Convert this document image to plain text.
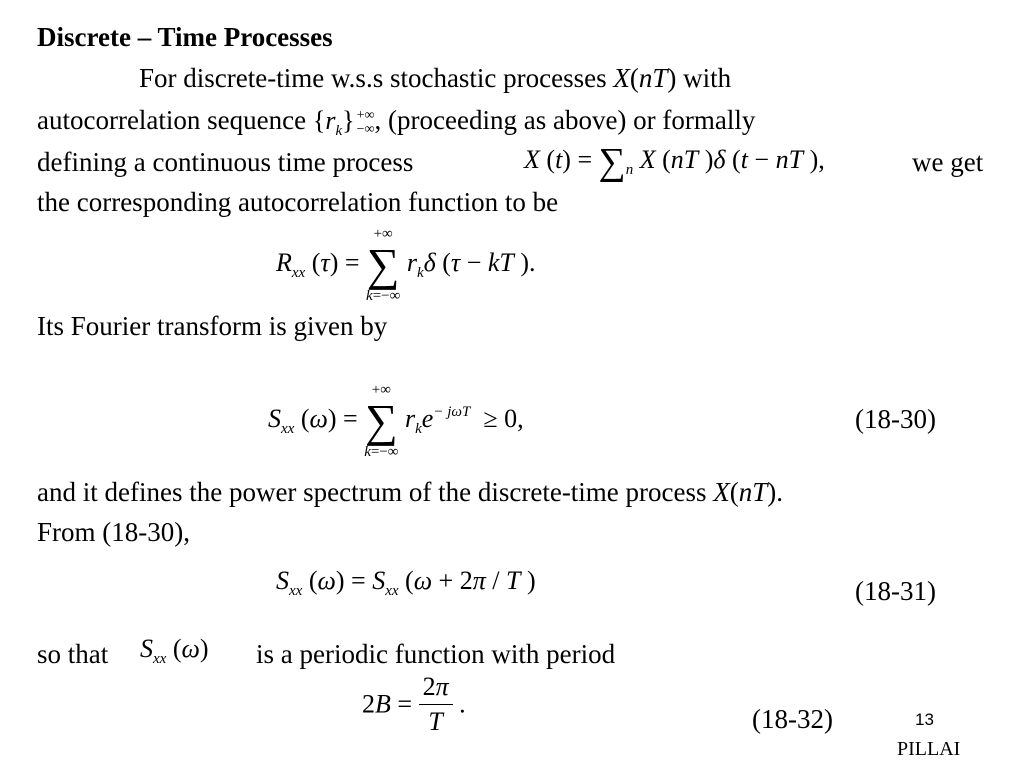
Discrete – Time Processes
For discrete-time w.s.s stochastic processes X(nT) with
autocorrelation sequence $\{r_k\}$ +∞
−∞ , (proceeding as above) or formally
defining a continuous time process	X $(t) = \sum_n$ X (nT )δ (t − nT ),	we get
the corresponding autocorrelation function to be
$R_{xx}$ (τ) =
+∞
∑
k=−∞
$r_k\delta$ (τ − kT ).
Its Fourier transform is given by
$S_{xx}$ (ω) =
+∞
∑
k=−∞
$r_ke^{- j\omega T} \ge 0$,	(18-30)
and it defines the power spectrum of the discrete-time process X(nT).
From (18-30),
$S_{xx}$ $(\omega) = S_{xx}$ (ω + 2π / T )	(18-31)
so that $S_{xx}$ (ω) is a periodic function with period
$2B = \frac{2\pi}{T}$ .	(18-32)	13
PILLAI
